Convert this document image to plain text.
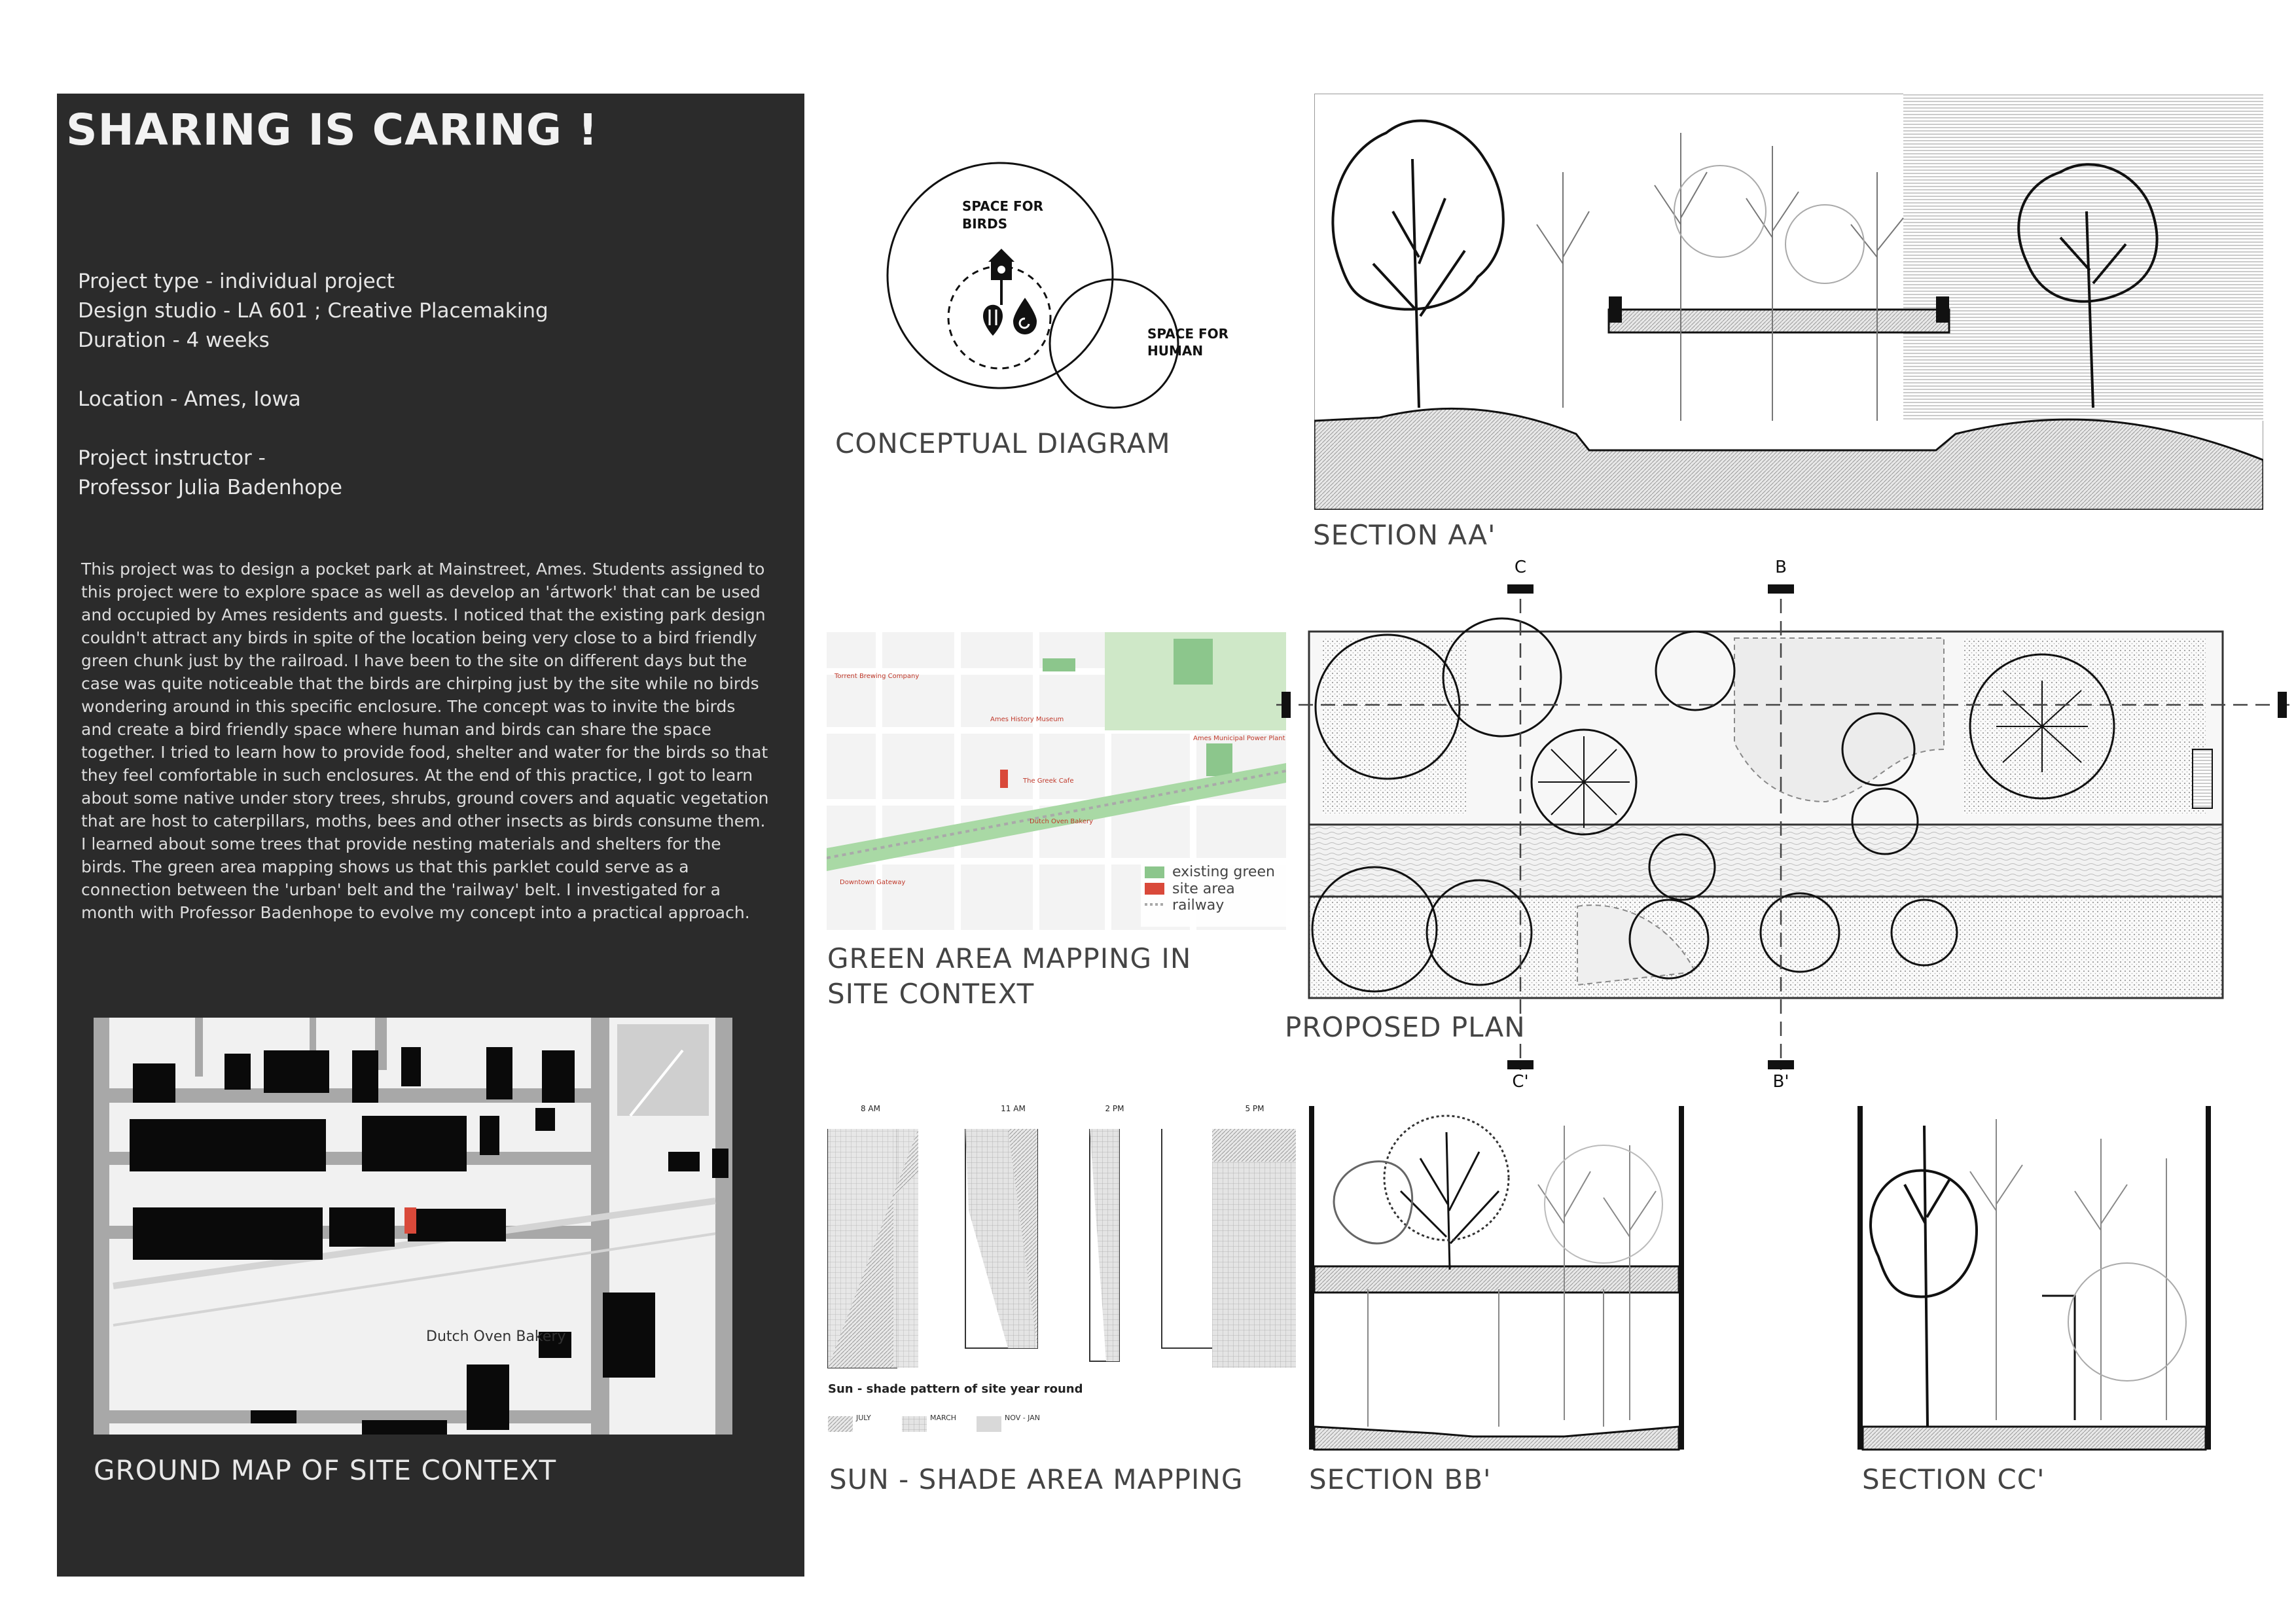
SHARING IS CARING !
Project type - individual project
Design studio - LA 601 ; Creative Placemaking
Duration - 4 weeks
Location - Ames, Iowa
Project instructor -
Professor Julia Badenhope
This project was to design a pocket park at Mainstreet, Ames. Students assigned to this project were to explore space as well as develop an 'ártwork' that can be used and occupied by Ames residents and guests. I noticed that the existing park design couldn't attract any birds in spite of the location being very close to a bird friendly green chunk just by the railroad. I have been to the site on different days but the case was quite noticeable that the birds are chirping just by the site while no birds wondering around in this specific enclosure. The concept was to invite the birds and create a bird friendly space where human and birds can share the space together. I tried to learn how to provide food, shelter and water for the birds so that they feel comfortable in such enclosures. At the end of this practice, I got to learn about some native under story trees, shrubs, ground covers and aquatic vegetation that are host to caterpillars, moths, bees and other insects as birds consume them. I learned about some trees that provide nesting materials and shelters for the birds. The green area mapping shows us that this parklet could serve as a connection between the 'urban' belt and the 'railway' belt. I investigated for a month with Professor Badenhope to evolve my concept into a practical approach.
Dutch Oven Bakery
GROUND MAP OF SITE CONTEXT
SPACE FOR
BIRDS
SPACE FOR
HUMAN
CONCEPTUAL DIAGRAM
SECTION AA'
Torrent Brewing Company
Ames History Museum
The Greek Cafe
Ames Municipal Power Plant
Dutch Oven Bakery
Downtown Gateway
existing green
site area
railway
GREEN AREA MAPPING IN
SITE CONTEXT
C	B
C'	B'
PROPOSED PLAN
8 AM	11 AM	2 PM	5 PM
Sun - shade pattern of site year round
JULY	MARCH	NOV - JAN
SUN - SHADE AREA MAPPING SECTION BB'	SECTION CC'
